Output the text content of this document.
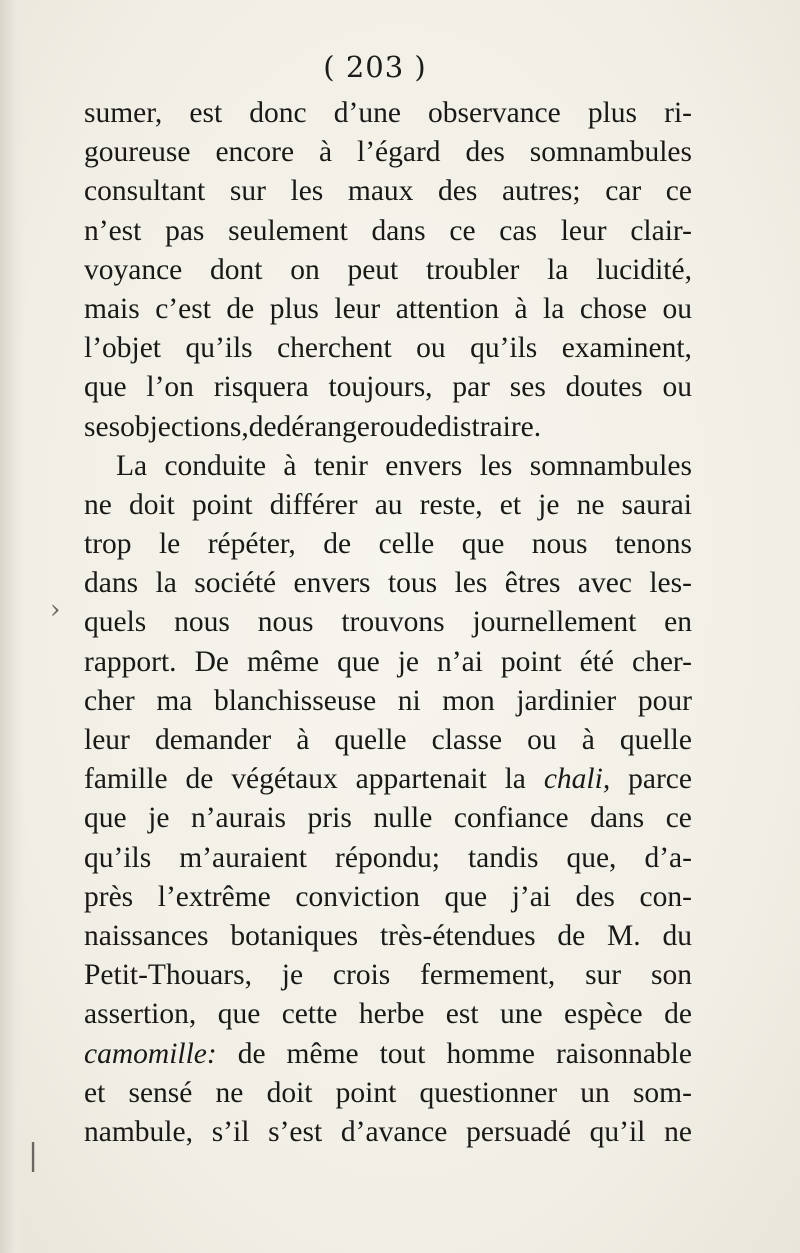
( 203 )
sumer, est donc d’une observance plus ri-
goureuse encore à l’égard des somnambules
consultant sur les maux des autres; car ce
n’est pas seulement dans ce cas leur clair-
voyance dont on peut troubler la lucidité,
mais c’est de plus leur attention à la chose ou
l’objet qu’ils cherchent ou qu’ils examinent,
que l’on risquera toujours, par ses doutes ou
ses objections, de déranger ou de distraire.
La conduite à tenir envers les somnambules
ne doit point différer au reste, et je ne saurai
trop le répéter, de celle que nous tenons
dans la société envers tous les êtres avec les-
quels nous nous trouvons journellement en
rapport. De même que je n’ai point été cher-
cher ma blanchisseuse ni mon jardinier pour
leur demander à quelle classe ou à quelle
famille de végétaux appartenait la chali, parce
que je n’aurais pris nulle confiance dans ce
qu’ils m’auraient répondu; tandis que, d’a-
près l’extrême conviction que j’ai des con-
naissances botaniques très-étendues de M. du
Petit-Thouars, je crois fermement, sur son
assertion, que cette herbe est une espèce de
camomille: de même tout homme raisonnable
et sensé ne doit point questionner un som-
nambule, s’il s’est d’avance persuadé qu’il ne
›
|
